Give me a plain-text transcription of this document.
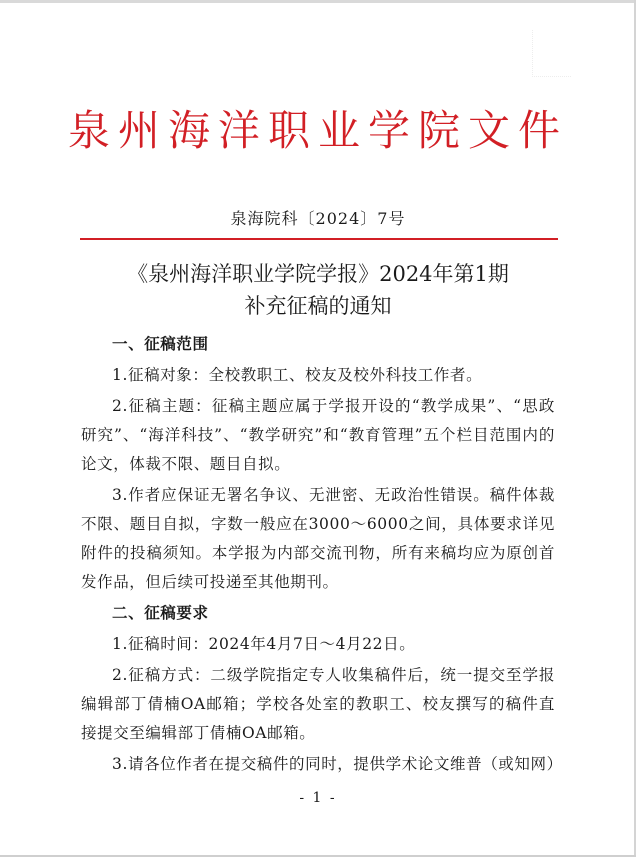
泉州海洋职业学院文件
泉海院科〔2024〕7号
《泉州海洋职业学院学报》2024年第1期
补充征稿的通知

一、征稿范围

1.征稿对象：全校教职工、校友及校外科技工作者。

2.征稿主题：征稿主题应属于学报开设的“教学成果”、“思政研究”、“海洋科技”、“教学研究”和“教育管理”五个栏目范围内的论文，体裁不限、题目自拟。

3.作者应保证无署名争议、无泄密、无政治性错误。稿件体裁不限、题目自拟，字数一般应在3000～6000之间，具体要求详见附件的投稿须知。本学报为内部交流刊物，所有来稿均应为原创首发作品，但后续可投递至其他期刊。

二、征稿要求

1.征稿时间：2024年4月7日～4月22日。

2.征稿方式：二级学院指定专人收集稿件后，统一提交至学报编辑部丁倩楠OA邮箱；学校各处室的教职工、校友撰写的稿件直接提交至编辑部丁倩楠OA邮箱。

3.请各位作者在提交稿件的同时，提供学术论文维普（或知网）

- 1 -
